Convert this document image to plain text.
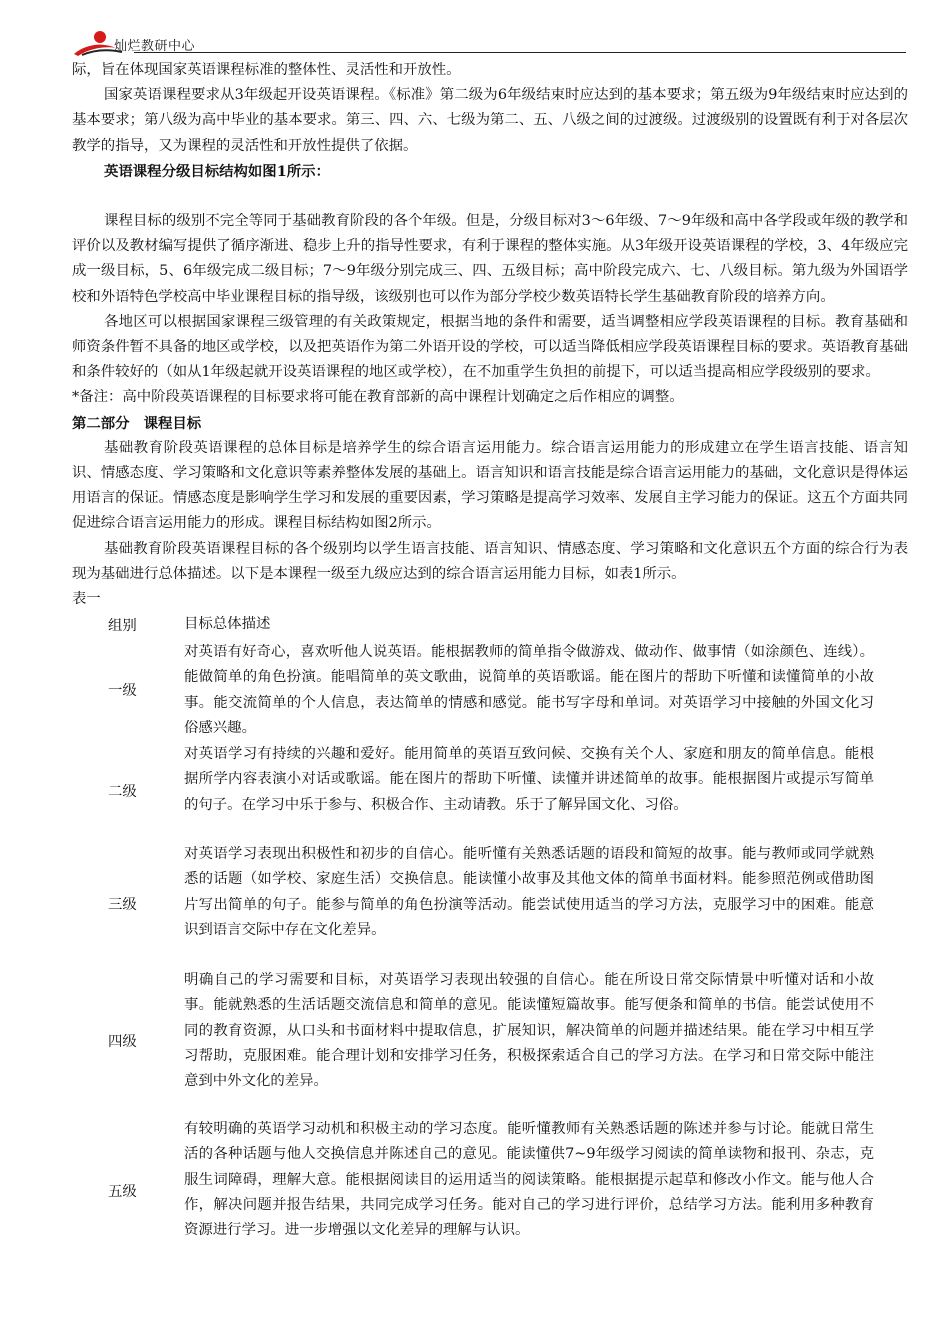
灿烂教研中心

际，旨在体现国家英语课程标准的整体性、灵活性和开放性。

国家英语课程要求从3年级起开设英语课程。《标准》第二级为6年级结束时应达到的基本要求；第五级为9年级结束时应达到的基本要求；第八级为高中毕业的基本要求。第三、四、六、七级为第二、五、八级之间的过渡级。过渡级别的设置既有利于对各层次教学的指导，又为课程的灵活性和开放性提供了依据。

英语课程分级目标结构如图1所示：

课程目标的级别不完全等同于基础教育阶段的各个年级。但是，分级目标对3～6年级、7～9年级和高中各学段或年级的教学和评价以及教材编写提供了循序渐进、稳步上升的指导性要求，有利于课程的整体实施。从3年级开设英语课程的学校，3、4年级应完成一级目标，5、6年级完成二级目标；7～9年级分别完成三、四、五级目标；高中阶段完成六、七、八级目标。第九级为外国语学校和外语特色学校高中毕业课程目标的指导级，该级别也可以作为部分学校少数英语特长学生基础教育阶段的培养方向。

各地区可以根据国家课程三级管理的有关政策规定，根据当地的条件和需要，适当调整相应学段英语课程的目标。教育基础和师资条件暂不具备的地区或学校，以及把英语作为第二外语开设的学校，可以适当降低相应学段英语课程目标的要求。英语教育基础和条件较好的（如从1年级起就开设英语课程的地区或学校），在不加重学生负担的前提下，可以适当提高相应学段级别的要求。

*备注：高中阶段英语课程的目标要求将可能在教育部新的高中课程计划确定之后作相应的调整。

第二部分 课程目标

基础教育阶段英语课程的总体目标是培养学生的综合语言运用能力。综合语言运用能力的形成建立在学生语言技能、语言知识、情感态度、学习策略和文化意识等素养整体发展的基础上。语言知识和语言技能是综合语言运用能力的基础，文化意识是得体运用语言的保证。情感态度是影响学生学习和发展的重要因素，学习策略是提高学习效率、发展自主学习能力的保证。这五个方面共同促进综合语言运用能力的形成。课程目标结构如图2所示。

基础教育阶段英语课程目标的各个级别均以学生语言技能、语言知识、情感态度、学习策略和文化意识五个方面的综合行为表现为基础进行总体描述。以下是本课程一级至九级应达到的综合语言运用能力目标，如表1所示。

表一

组别	目标总体描述
一级
对英语有好奇心，喜欢听他人说英语。能根据教师的简单指令做游戏、做动作、做事情（如涂颜色、连线）。能做简单的角色扮演。能唱简单的英文歌曲，说简单的英语歌谣。能在图片的帮助下听懂和读懂简单的小故事。能交流简单的个人信息，表达简单的情感和感觉。能书写字母和单词。对英语学习中接触的外国文化习俗感兴趣。
二级
对英语学习有持续的兴趣和爱好。能用简单的英语互致问候、交换有关个人、家庭和朋友的简单信息。能根据所学内容表演小对话或歌谣。能在图片的帮助下听懂、读懂并讲述简单的故事。能根据图片或提示写简单的句子。在学习中乐于参与、积极合作、主动请教。乐于了解异国文化、习俗。
三级
对英语学习表现出积极性和初步的自信心。能听懂有关熟悉话题的语段和简短的故事。能与教师或同学就熟悉的话题（如学校、家庭生活）交换信息。能读懂小故事及其他文体的简单书面材料。能参照范例或借助图片写出简单的句子。能参与简单的角色扮演等活动。能尝试使用适当的学习方法，克服学习中的困难。能意识到语言交际中存在文化差异。
四级
明确自己的学习需要和目标，对英语学习表现出较强的自信心。能在所设日常交际情景中听懂对话和小故事。能就熟悉的生活话题交流信息和简单的意见。能读懂短篇故事。能写便条和简单的书信。能尝试使用不同的教育资源，从口头和书面材料中提取信息，扩展知识，解决简单的问题并描述结果。能在学习中相互学习帮助，克服困难。能合理计划和安排学习任务，积极探索适合自己的学习方法。在学习和日常交际中能注意到中外文化的差异。
五级
有较明确的英语学习动机和积极主动的学习态度。能听懂教师有关熟悉话题的陈述并参与讨论。能就日常生活的各种话题与他人交换信息并陈述自己的意见。能读懂供7~9年级学习阅读的简单读物和报刊、杂志，克服生词障碍，理解大意。能根据阅读目的运用适当的阅读策略。能根据提示起草和修改小作文。能与他人合作，解决问题并报告结果，共同完成学习任务。能对自己的学习进行评价，总结学习方法。能利用多种教育资源进行学习。进一步增强以文化差异的理解与认识。
